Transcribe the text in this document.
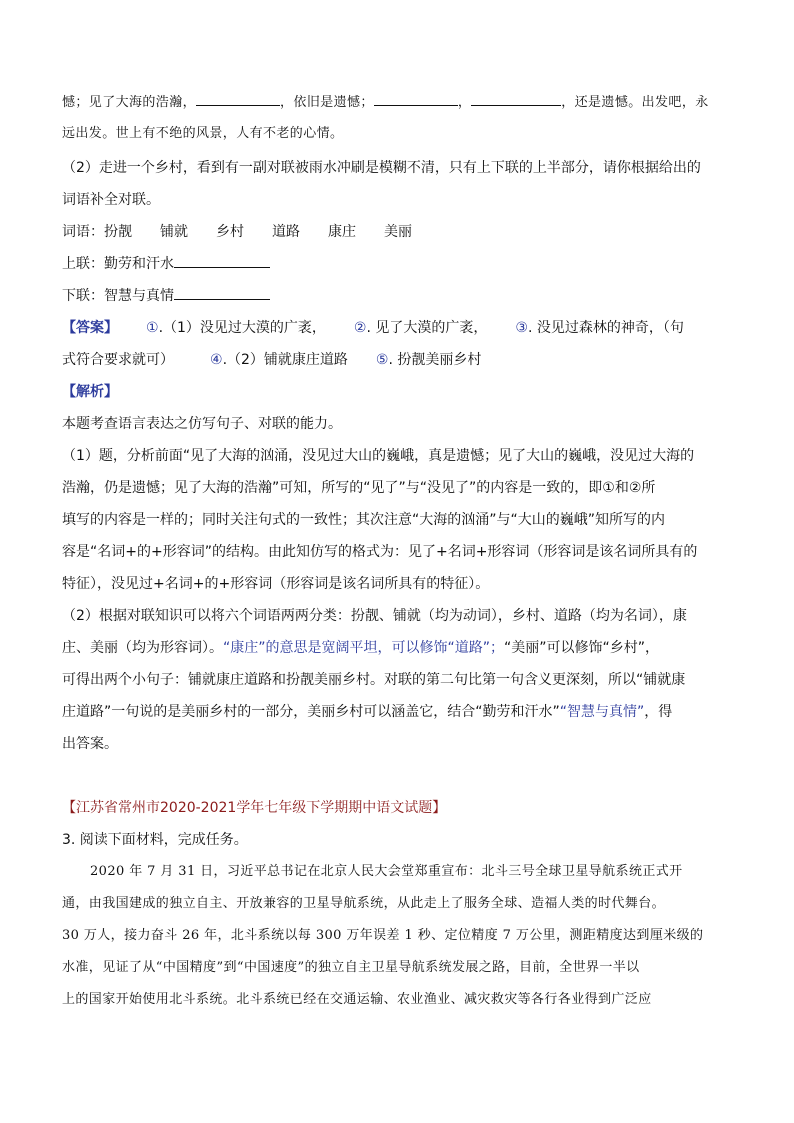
憾；见了大海的浩瀚，	，依旧是遗憾；	，	，还是遗憾。出发吧，永
远出发。世上有不绝的风景，人有不老的心情。
（2）走进一个乡村，看到有一副对联被雨水冲刷是模糊不清，只有上下联的上半部分，请你根据给出的
词语补全对联。
词语：扮靓 铺就 乡村 道路 康庄 美丽
上联：勤劳和汗水
下联：智慧与真情
【答案】 ①.（1）没见过大漠的广袤， ②. 见了大漠的广袤， ③. 没见过森林的神奇，（句
式符合要求就可）	④.（2）铺就康庄道路 ⑤. 扮靓美丽乡村
【解析】
本题考查语言表达之仿写句子、对联的能力。
（1）题，分析前面“见了大海的汹涌，没见过大山的巍峨，真是遗憾；见了大山的巍峨，没见过大海的
浩瀚，仍是遗憾；见了大海的浩瀚”可知，所写的“见了”与“没见了”的内容是一致的，即①和②所
填写的内容是一样的；同时关注句式的一致性；其次注意“大海的汹涌”与“大山的巍峨”知所写的内
容是“名词+的+形容词”的结构。由此知仿写的格式为：见了+名词+形容词（形容词是该名词所具有的
特征），没见过+名词+的+形容词（形容词是该名词所具有的特征）。
（2）根据对联知识可以将六个词语两两分类：扮靓、铺就（均为动词），乡村、道路（均为名词），康
庄、美丽（均为形容词）。“康庄”的意思是宽阔平坦，可以修饰“道路”；“美丽”可以修饰“乡村”，
可得出两个小句子：铺就康庄道路和扮靓美丽乡村。对联的第二句比第一句含义更深刻，所以“铺就康
庄道路”一句说的是美丽乡村的一部分，美丽乡村可以涵盖它，结合“勤劳和汗水”“智慧与真情”，得
出答案。
【江苏省常州市2020-2021学年七年级下学期期中语文试题】
3. 阅读下面材料，完成任务。
2020 年 7 月 31 日，习近平总书记在北京人民大会堂郑重宣布：北斗三号全球卫星导航系统正式开
通，由我国建成的独立自主、开放兼容的卫星导航系统，从此走上了服务全球、造福人类的时代舞台。
30 万人，接力奋斗 26 年，北斗系统以每 300 万年误差 1 秒、定位精度 7 万公里，测距精度达到厘米级的
水准，见证了从“中国精度”到“中国速度”的独立自主卫星导航系统发展之路，目前，全世界一半以
上的国家开始使用北斗系统。北斗系统已经在交通运输、农业渔业、减灾救灾等各行各业得到广泛应
